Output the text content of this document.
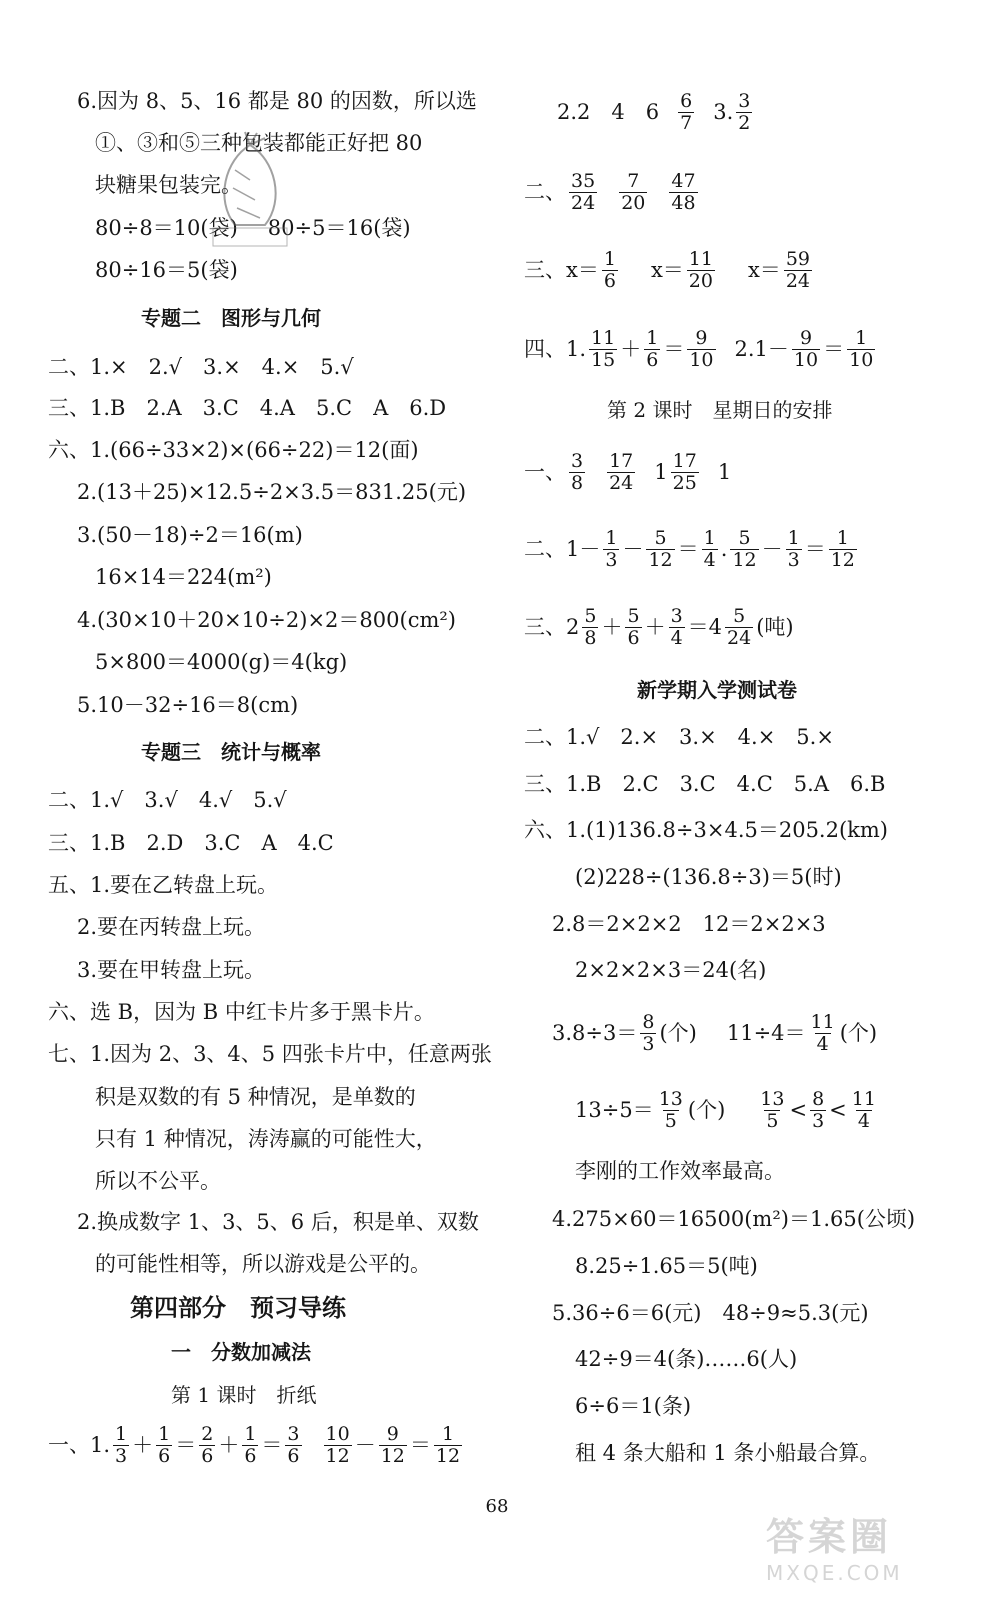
6.因为 8、5、16 都是 80 的因数，所以选
①、③和⑤三种包装都能正好把 80
块糖果包装完。
80÷8＝10(袋) 80÷5＝16(袋)
80÷16＝5(袋)
专题二　图形与几何
二、1.×　2.√　3.×　4.×　5.√
三、1.B　2.A　3.C　4.A　5.C　A　6.D
六、1.(66÷33×2)×(66÷22)＝12(面)
2.(13＋25)×12.5÷2×3.5＝831.25(元)
3.(50－18)÷2＝16(m)
16×14＝224(m²)
4.(30×10＋20×10÷2)×2＝800(cm²)
5×800＝4000(g)＝4(kg)
5.10－32÷16＝8(cm)
专题三　统计与概率
二、1.√　3.√　4.√　5.√
三、1.B　2.D　3.C　A　4.C
五、1.要在乙转盘上玩。
2.要在丙转盘上玩。
3.要在甲转盘上玩。
六、选 B，因为 B 中红卡片多于黑卡片。
七、1.因为 2、3、4、5 四张卡片中，任意两张
积是双数的有 5 种情况，是单数的
只有 1 种情况，涛涛赢的可能性大，
所以不公平。
2.换成数字 1、3、5、6 后，积是单、双数
的可能性相等，所以游戏是公平的。
第四部分　预习导练
一　分数加减法
第 1 课时　折纸
一、1. $\frac{1}{3} + \frac{1}{6} = \frac{2}{6} + \frac{1}{6} = \frac{3}{6} \frac{10}{12} - \frac{9}{12} = \frac{1}{12}$
2.2　4　$6 \frac{6}{7} 3$. $\frac{3}{2}$
二、 $\frac{35}{24} \frac{7}{20} \frac{47}{48}$
三、 $x= \frac{1}{6} x= \frac{11}{20} x= \frac{59}{24}$
四、1. $\frac{11}{15} + \frac{1}{6} = \frac{9}{10} 2.1- \frac{9}{10} = \frac{1}{10}$
第 2 课时　星期日的安排
一、 $\frac{3}{8} \frac{17}{24} 1 \frac{17}{25} 1$
二、$1- \frac{1}{3} - \frac{5}{12} = \frac{1}{4}$ . $\frac{5}{12} - \frac{1}{3} = \frac{1}{12}$
三、$2 \frac{5}{8} + \frac{5}{6} + \frac{3}{4} = 4 \frac{5}{24}$ (吨)
新学期入学测试卷
二、1.√　2.×　3.×　4.×　5.×
三、1.B　2.C　3.C　4.C　5.A　6.B
六、1.(1)136.8÷3×4.5＝205.2(km)
(2)228÷(136.8÷3)＝5(时)
2.8＝2×2×2　12＝2×2×3
2×2×2×3＝24(名)
$3.8\div 3= \frac{8}{3}$ (个) $11\div 4= \frac{11}{4}$ (个)
$13\div 5= \frac{13}{5}$ (个) $\frac{13}{5} < \frac{8}{3} < \frac{11}{4}$
李刚的工作效率最高。
4.275×60＝16500(m²)＝1.65(公顷)
8.25÷1.65＝5(吨)
5.36÷6＝6(元)　48÷9≈5.3(元)
42÷9＝4(条)……6(人)
6÷6＝1(条)
租 4 条大船和 1 条小船最合算。
68
答案圈
MXQE.COM
